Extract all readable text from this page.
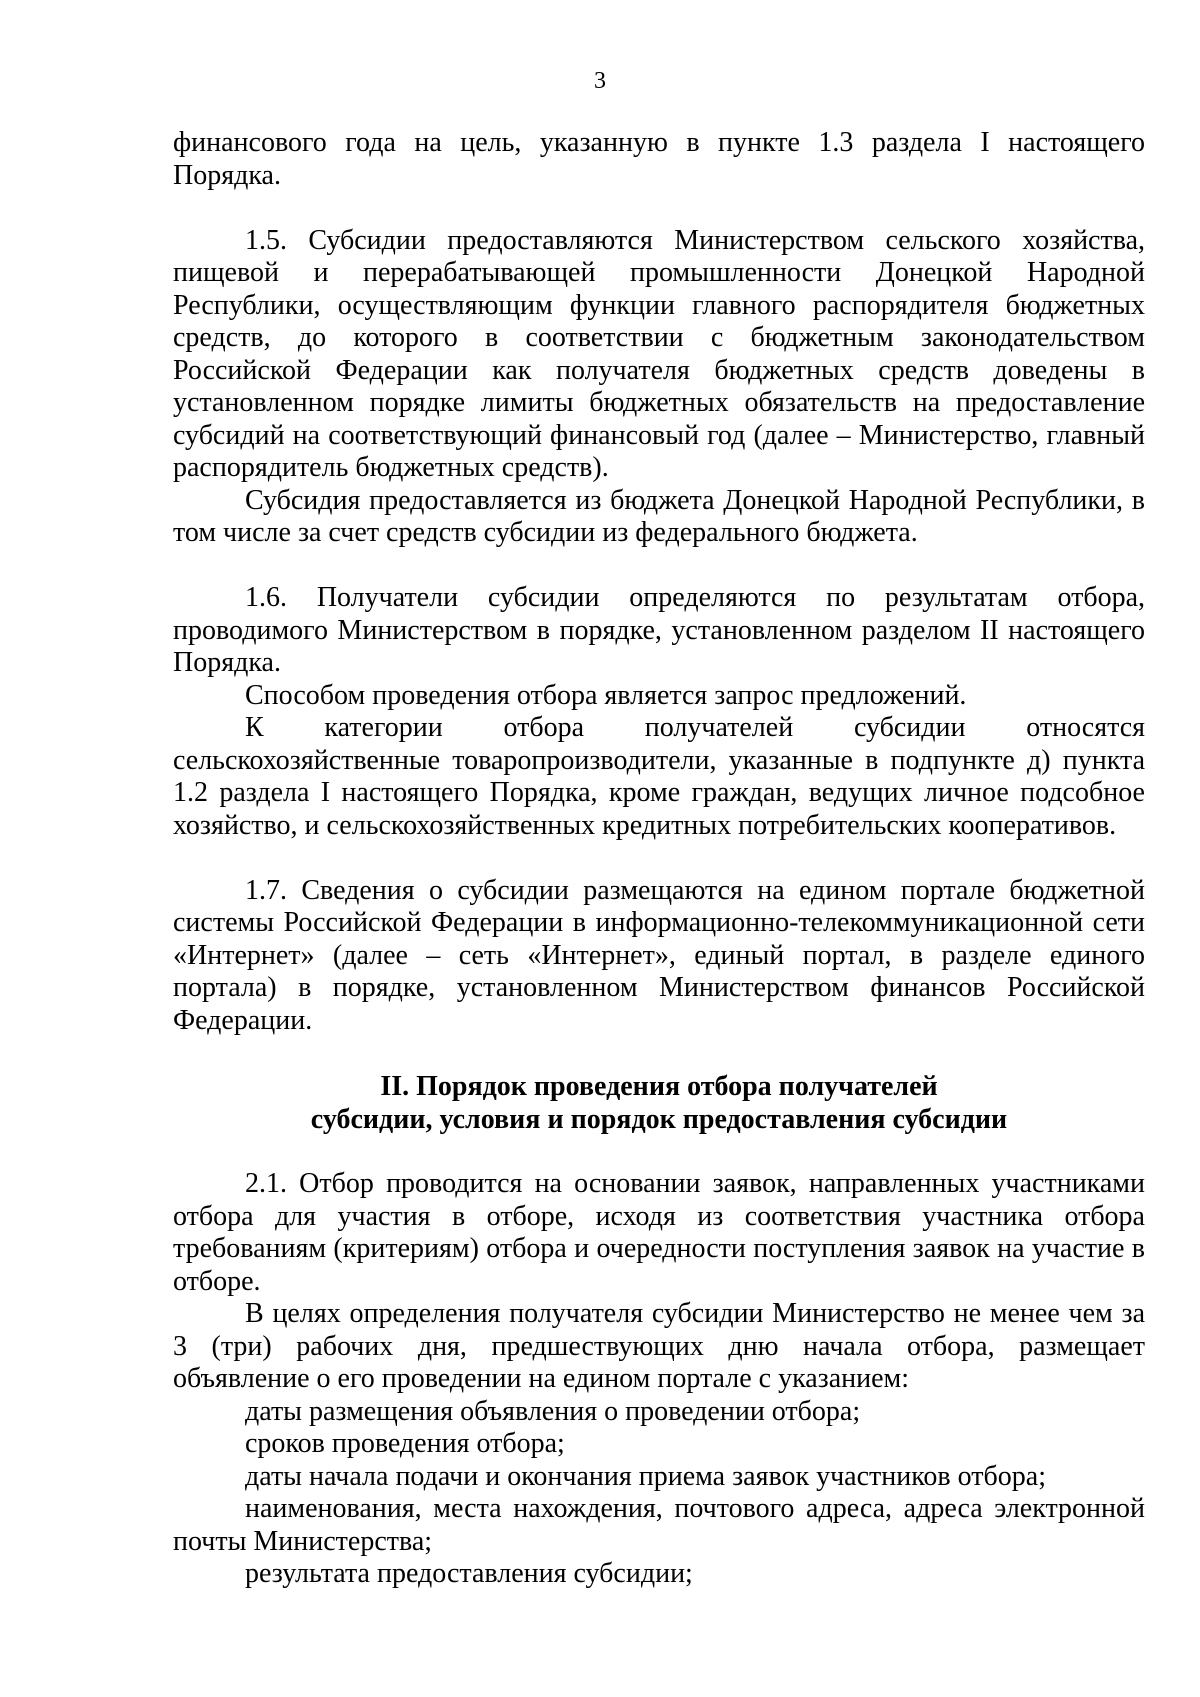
3

финансового года на цель, указанную в пункте 1.3 раздела I настоящего Порядка.

1.5. Субсидии предоставляются Министерством сельского хозяйства, пищевой и перерабатывающей промышленности Донецкой Народной Республики, осуществляющим функции главного распорядителя бюджетных средств, до которого в соответствии с бюджетным законодательством Российской Федерации как получателя бюджетных средств доведены в установленном порядке лимиты бюджетных обязательств на предоставление субсидий на соответствующий финансовый год (далее – Министерство, главный распорядитель бюджетных средств).

Субсидия предоставляется из бюджета Донецкой Народной Республики, в том числе за счет средств субсидии из федерального бюджета.

1.6. Получатели субсидии определяются по результатам отбора, проводимого Министерством в порядке, установленном разделом II настоящего Порядка.

Способом проведения отбора является запрос предложений.

К категории отбора получателей субсидии относятся сельскохозяйственные товаропроизводители, указанные в подпункте д) пункта 1.2 раздела I настоящего Порядка, кроме граждан, ведущих личное подсобное хозяйство, и сельскохозяйственных кредитных потребительских кооперативов.

1.7. Сведения о субсидии размещаются на едином портале бюджетной системы Российской Федерации в информационно-телекоммуникационной сети «Интернет» (далее – сеть «Интернет», единый портал, в разделе единого портала) в порядке, установленном Министерством финансов Российской Федерации.

II. Порядок проведения отбора получателей
субсидии, условия и порядок предоставления субсидии

2.1. Отбор проводится на основании заявок, направленных участниками отбора для участия в отборе, исходя из соответствия участника отбора требованиям (критериям) отбора и очередности поступления заявок на участие в отборе.

В целях определения получателя субсидии Министерство не менее чем за 3 (три) рабочих дня, предшествующих дню начала отбора, размещает объявление о его проведении на едином портале с указанием:

даты размещения объявления о проведении отбора;

сроков проведения отбора;

даты начала подачи и окончания приема заявок участников отбора;

наименования, места нахождения, почтового адреса, адреса электронной почты Министерства;

результата предоставления субсидии;
